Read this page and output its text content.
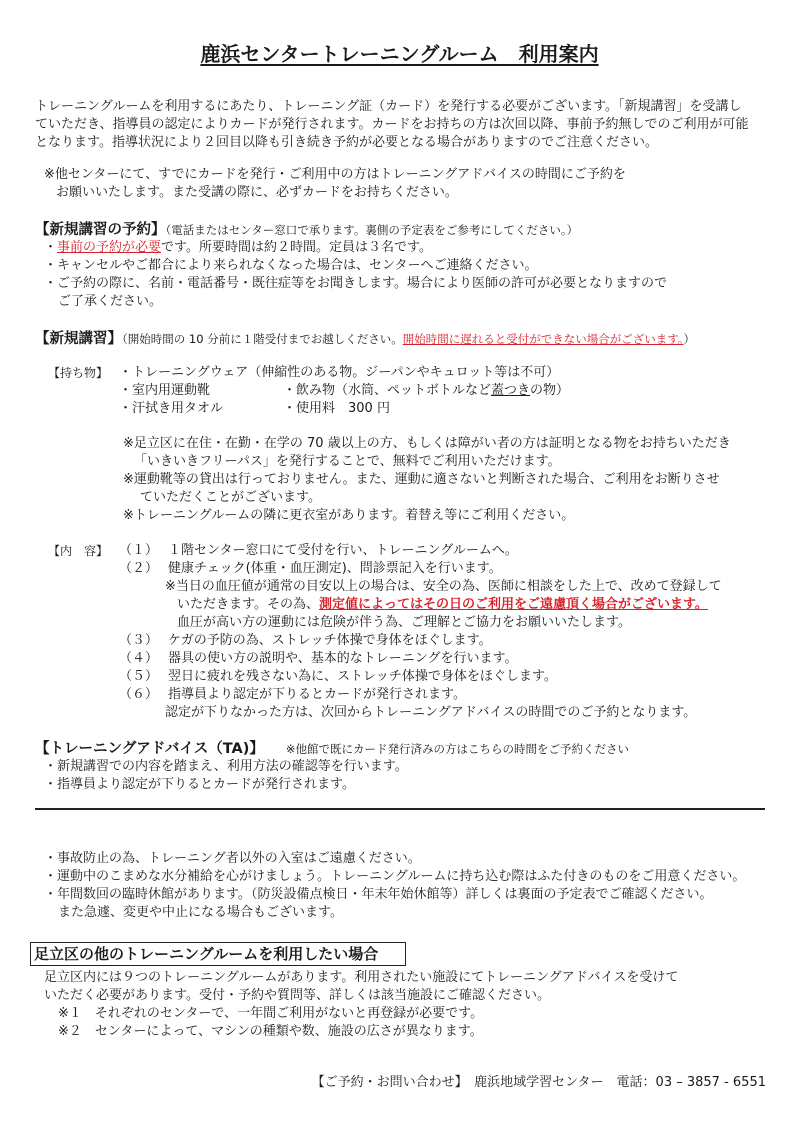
鹿浜センタートレーニングルーム　利用案内
トレーニングルームを利用するにあたり、トレーニング証（カード）を発行する必要がございます。「新規講習」を受講し
ていただき、指導員の認定によりカードが発行されます。カードをお持ちの方は次回以降、事前予約無しでのご利用が可能
となります。指導状況により２回目以降も引き続き予約が必要となる場合がありますのでご注意ください。
※他センターにて、すでにカードを発行・ご利用中の方はトレーニングアドバイスの時間にご予約を
お願いいたします。また受講の際に、必ずカードをお持ちください。
【新規講習の予約】（電話またはセンター窓口で承ります。裏側の予定表をご参考にしてください。）
・事前の予約が必要です。所要時間は約２時間。定員は３名です。
・キャンセルやご都合により来られなくなった場合は、センターへご連絡ください。
・ご予約の際に、名前・電話番号・既往症等をお聞きします。場合により医師の許可が必要となりますので
ご了承ください。
【新規講習】（開始時間の 10 分前に１階受付までお越しください。開始時間に遅れると受付ができない場合がございます。）
【持ち物】 ・トレーニングウェア（伸縮性のある物。ジーパンやキュロット等は不可）
・室内用運動靴	・飲み物（水筒、ペットボトルなど蓋つきの物）
・汗拭き用タオル	・使用料　300 円
※足立区に在住・在勤・在学の 70 歳以上の方、もしくは障がい者の方は証明となる物をお持ちいただき
「いきいきフリーパス」を発行することで、無料でご利用いただけます。
※運動靴等の貸出は行っておりません。また、運動に適さないと判断された場合、ご利用をお断りさせ
ていただくことがございます。
※トレーニングルームの隣に更衣室があります。着替え等にご利用ください。
【内　容】 （１） １階センター窓口にて受付を行い、トレーニングルームへ。
（２） 健康チェック(体重・血圧測定)、問診票記入を行います。
※当日の血圧値が通常の目安以上の場合は、安全の為、医師に相談をした上で、改めて登録して
いただきます。その為、測定値によってはその日のご利用をご遠慮頂く場合がございます。
血圧が高い方の運動には危険が伴う為、ご理解とご協力をお願いいたします。
（３） ケガの予防の為、ストレッチ体操で身体をほぐします。
（４） 器具の使い方の説明や、基本的なトレーニングを行います。
（５） 翌日に疲れを残さない為に、ストレッチ体操で身体をほぐします。
（６） 指導員より認定が下りるとカードが発行されます。
認定が下りなかった方は、次回からトレーニングアドバイスの時間でのご予約となります。
【トレーニングアドバイス（TA)】 ※他館で既にカード発行済みの方はこちらの時間をご予約ください
・新規講習での内容を踏まえ、利用方法の確認等を行います。
・指導員より認定が下りるとカードが発行されます。
・事故防止の為、トレーニング者以外の入室はご遠慮ください。
・運動中のこまめな水分補給を心がけましょう。トレーニングルームに持ち込む際はふた付きのものをご用意ください。
・年間数回の臨時休館があります。（防災設備点検日・年末年始休館等）詳しくは裏面の予定表でご確認ください。
また急遽、変更や中止になる場合もございます。
足立区の他のトレーニングルームを利用したい場合
足立区内には９つのトレーニングルームがあります。利用されたい施設にてトレーニングアドバイスを受けて
いただく必要があります。受付・予約や質問等、詳しくは該当施設にご確認ください。
※１　それぞれのセンターで、一年間ご利用がないと再登録が必要です。
※２　センターによって、マシンの種類や数、施設の広さが異なります。
【ご予約・お問い合わせ】　鹿浜地域学習センター　電話：03 – 3857 - 6551
